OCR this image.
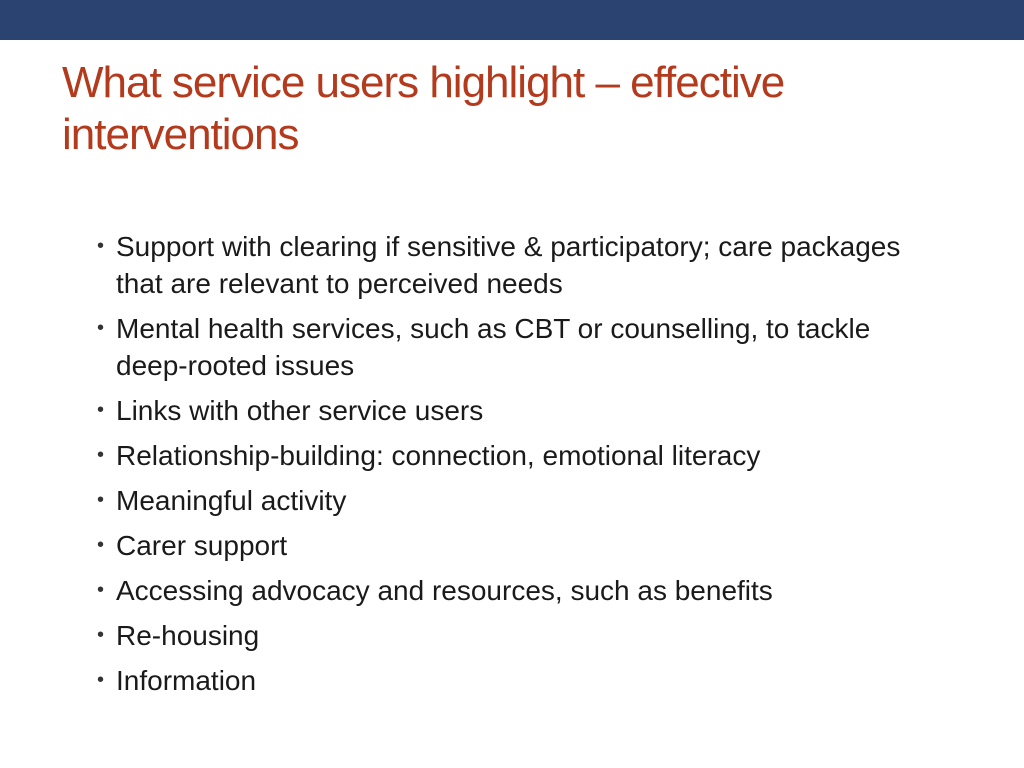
What service users highlight – effective interventions
• Support with clearing if sensitive & participatory; care packages that are relevant to perceived needs
• Mental health services, such as CBT or counselling, to tackle deep-rooted issues
• Links with other service users
• Relationship-building: connection, emotional literacy
• Meaningful activity
• Carer support
• Accessing advocacy and resources, such as benefits
• Re-housing
• Information
